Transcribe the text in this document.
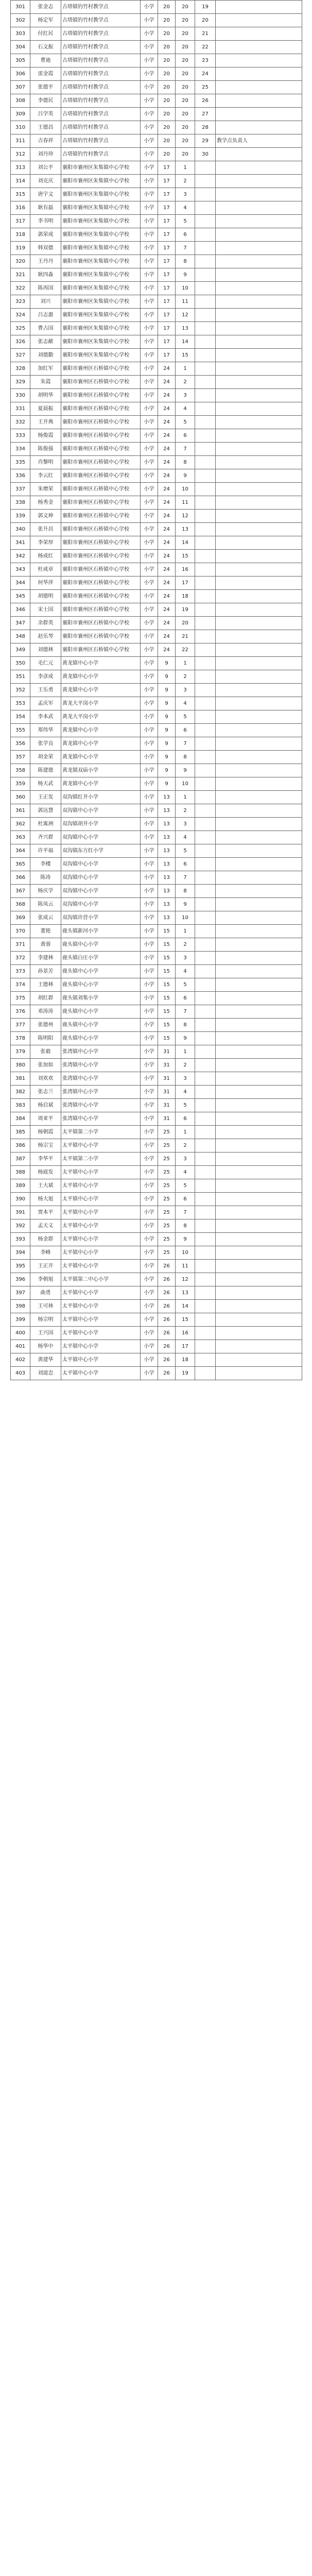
301	张金志	古塔镇钓竹村教学点	小学	20	20	19	
302	杨定军	古塔镇钓竹村教学点	小学	20	20	20	
303	付红民	古塔镇钓竹村教学点	小学	20	20	21	
304	石文振	古塔镇钓竹村教学点	小学	20	20	22	
305	曹迪	古塔镇钓竹村教学点	小学	20	20	23	
306	雷金霞	古塔镇钓竹村教学点	小学	20	20	24	
307	张德平	古塔镇钓竹村教学点	小学	20	20	25	
308	李德民	古塔镇钓竹村教学点	小学	20	20	26	
309	吕学英	古塔镇钓竹村教学点	小学	20	20	27	
310	王德昌	古塔镇钓竹村教学点	小学	20	20	28	
311	吉春祥	古塔镇钓竹村教学点	小学	20	20	29	教学点负责人
312	刘丹珍	古塔镇钓竹村教学点	小学	20	20	30	
313	刘公平	襄阳市襄州区朱集镇中心学校	小学	17	1		
314	刘克庆	襄阳市襄州区朱集镇中心学校	小学	17	2		
315	唐宇文	襄阳市襄州区朱集镇中心学校	小学	17	3		
316	耿有磊	襄阳市襄州区朱集镇中心学校	小学	17	4		
317	李书明	襄阳市襄州区朱集镇中心学校	小学	17	5		
318	郭荣成	襄阳市襄州区朱集镇中心学校	小学	17	6		
319	韩双德	襄阳市襄州区朱集镇中心学校	小学	17	7		
320	王丹丹	襄阳市襄州区朱集镇中心学校	小学	17	8		
321	耿四淼	襄阳市襄州区朱集镇中心学校	小学	17	9		
322	陈再国	襄阳市襄州区朱集镇中心学校	小学	17	10		
323	刘兴	襄阳市襄州区朱集镇中心学校	小学	17	11		
324	吕志惠	襄阳市襄州区朱集镇中心学校	小学	17	12		
325	曹占国	襄阳市襄州区朱集镇中心学校	小学	17	13		
326	张志献	襄阳市襄州区朱集镇中心学校	小学	17	14		
327	刘德勤	襄阳市襄州区朱集镇中心学校	小学	17	15		
328	加红军	襄阳市襄州区石桥镇中心学校	小学	24	1		
329	朱霞	襄阳市襄州区石桥镇中心学校	小学	24	2		
330	胡明华	襄阳市襄州区石桥镇中心学校	小学	24	3		
331	夏晨振	襄阳市襄州区石桥镇中心学校	小学	24	4		
332	王开典	襄阳市襄州区石桥镇中心学校	小学	24	5		
333	杨俊霞	襄阳市襄州区石桥镇中心学校	小学	24	6		
334	陈俊强	襄阳市襄州区石桥镇中心学校	小学	24	7		
335	肖黎明	襄阳市襄州区石桥镇中心学校	小学	24	8		
336	李云红	襄阳市襄州区石桥镇中心学校	小学	24	9		
337	朱增荣	襄阳市襄州区石桥镇中心学校	小学	24	10		
338	杨秀金	襄阳市襄州区石桥镇中心学校	小学	24	11		
339	郭文坤	襄阳市襄州区石桥镇中心学校	小学	24	12		
340	张升昌	襄阳市襄州区石桥镇中心学校	小学	24	13		
341	李荣厚	襄阳市襄州区石桥镇中心学校	小学	24	14		
342	杨成红	襄阳市襄州区石桥镇中心学校	小学	24	15		
343	杜成章	襄阳市襄州区石桥镇中心学校	小学	24	16		
344	何华萍	襄阳市襄州区石桥镇中心学校	小学	24	17		
345	胡德明	襄阳市襄州区石桥镇中心学校	小学	24	18		
346	宋士国	襄阳市襄州区石桥镇中心学校	小学	24	19		
347	余群英	襄阳市襄州区石桥镇中心学校	小学	24	20		
348	赵乐琴	襄阳市襄州区石桥镇中心学校	小学	24	21		
349	刘德林	襄阳市襄州区石桥镇中心学校	小学	24	22		
350	毛仁元	黄龙镇中心小学	小学	9	1		
351	李彦成	黄龙镇中心小学	小学	9	2		
352	王乐勇	黄龙镇中心小学	小学	9	3		
353	孟庆军	黄龙大平岗小学	小学	9	4		
354	李本武	黄龙大平岗小学	小学	9	5		
355	郑伟华	黄龙镇中心小学	小学	9	6		
356	张学良	黄龙镇中心小学	小学	9	7		
357	胡金荣	黄龙镇中心小学	小学	9	8		
358	陈建德	黄龙镇双庙小学	小学	9	9		
359	杨天武	黄龙镇中心小学	小学	9	10		
360	王正发	双沟镇红井小学	小学	13	1		
361	郭达慧	双沟镇中心小学	小学	13	2		
362	杜寓洲	双沟镇胡井小学	小学	13	3		
363	齐兴群	双沟镇中心小学	小学	13	4		
364	许平福	双沟镇东方红小学	小学	13	5		
365	李楼	双沟镇中心小学	小学	13	6		
366	陈涛	双沟镇中心小学	小学	13	7		
367	杨庆学	双沟镇中心小学	小学	13	8		
368	陈凤云	双沟镇中心小学	小学	13	9		
369	张成云	双沟镇许营小学	小学	13	10		
370	董艳	鹿头镇新河小学	小学	15	1		
371	黄蓉	鹿头镇中心小学	小学	15	2		
372	李建林	鹿头镇白庄小学	小学	15	3		
373	孙景芳	鹿头镇中心小学	小学	15	4		
374	王德林	鹿头镇中心小学	小学	15	5		
375	胡红群	鹿头镇刘集小学	小学	15	6		
376	邓涛涛	鹿头镇中心小学	小学	15	7		
377	张德州	鹿头镇中心小学	小学	15	8		
378	陈明阳	鹿头镇中心小学	小学	15	9		
379	张毅	张湾镇中心小学	小学	31	1		
380	张加如	张湾镇中心小学	小学	31	2		
381	刘欢欢	张湾镇中心小学	小学	31	3		
382	张志兰	张湾镇中心小学	小学	31	4		
383	杨启斌	张湾镇中心小学	小学	31	5		
384	周亚平	张湾镇中心小学	小学	31	6		
385	杨朝霞	太平镇第二小学	小学	25	1		
386	杨宗宝	太平镇中心小学	小学	25	2		
387	李华平	太平镇第二小学	小学	25	3		
388	杨庭发	太平镇中心小学	小学	25	4		
389	王大斌	太平镇中心小学	小学	25	5		
390	杨大旭	太平镇中心小学	小学	25	6		
391	贾本平	太平镇中心小学	小学	25	7		
392	孟天义	太平镇中心小学	小学	25	8		
393	杨金群	太平镇中心小学	小学	25	9		
394	李峰	太平镇中心小学	小学	25	10		
395	王正开	太平镇中心小学	小学	26	11		
396	李朝旭	太平镇第二中心小学	小学	26	12		
397	曲勇	太平镇中心小学	小学	26	13		
398	王可林	太平镇中心小学	小学	26	14		
399	杨宗明	太平镇中心小学	小学	26	15		
400	王兴国	太平镇中心小学	小学	26	16		
401	杨华中	太平镇中心小学	小学	26	17		
402	黄建华	太平镇中心小学	小学	26	18		
403	刘道忠	太平镇中心小学	小学	26	19		
